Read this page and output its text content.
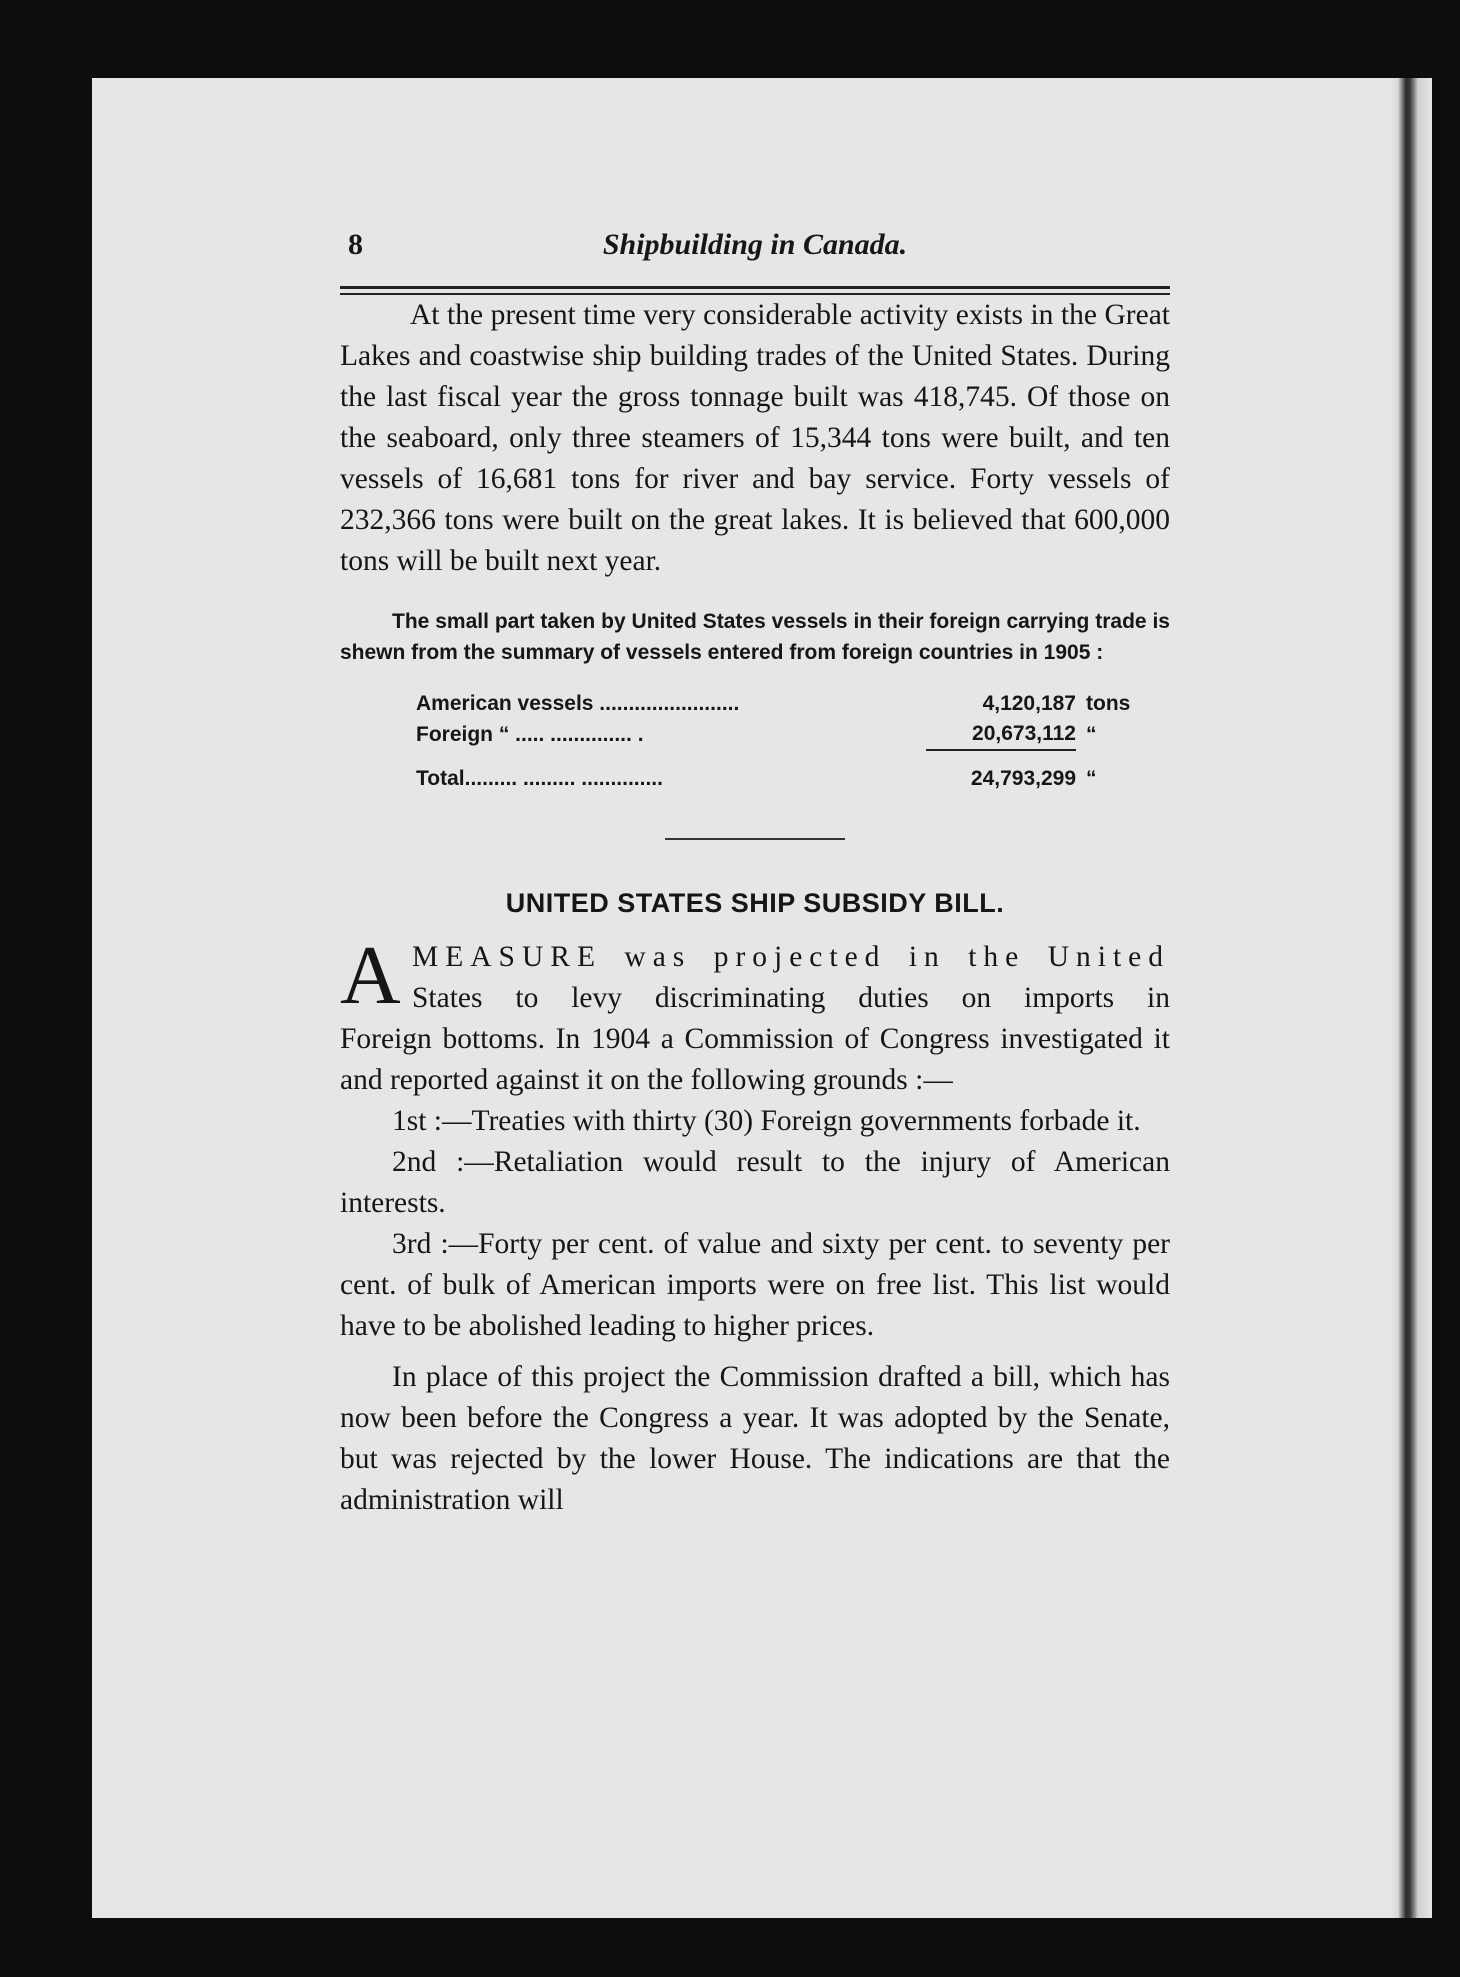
8	Shipbuilding in Canada.

At the present time very considerable activity exists in the Great Lakes and coastwise ship building trades of the United States. During the last fiscal year the gross tonnage built was 418,745. Of those on the seaboard, only three steamers of 15,344 tons were built, and ten vessels of 16,681 tons for river and bay service. Forty vessels of 232,366 tons were built on the great lakes. It is believed that 600,000 tons will be built next year.

The small part taken by United States vessels in their foreign carrying trade is shewn from the summary of vessels entered from foreign countries in 1905 :

American vessels ........................	4,120,187	tons
Foreign “ ..... .............. .	20,673,112	“
Total......... ......... ..............	24,793,299	“
UNITED STATES SHIP SUBSIDY BILL.
A MEASURE was projected in the United
States to levy discriminating duties on imports in

Foreign bottoms. In 1904 a Commission of Congress investigated it and reported against it on the following grounds :—

1st :—Treaties with thirty (30) Foreign governments forbade it.

2nd :—Retaliation would result to the injury of American interests.

3rd :—Forty per cent. of value and sixty per cent. to seventy per cent. of bulk of American imports were on free list. This list would have to be abolished leading to higher prices.

In place of this project the Commission drafted a bill, which has now been before the Congress a year. It was adopted by the Senate, but was rejected by the lower House. The indications are that the administration will
